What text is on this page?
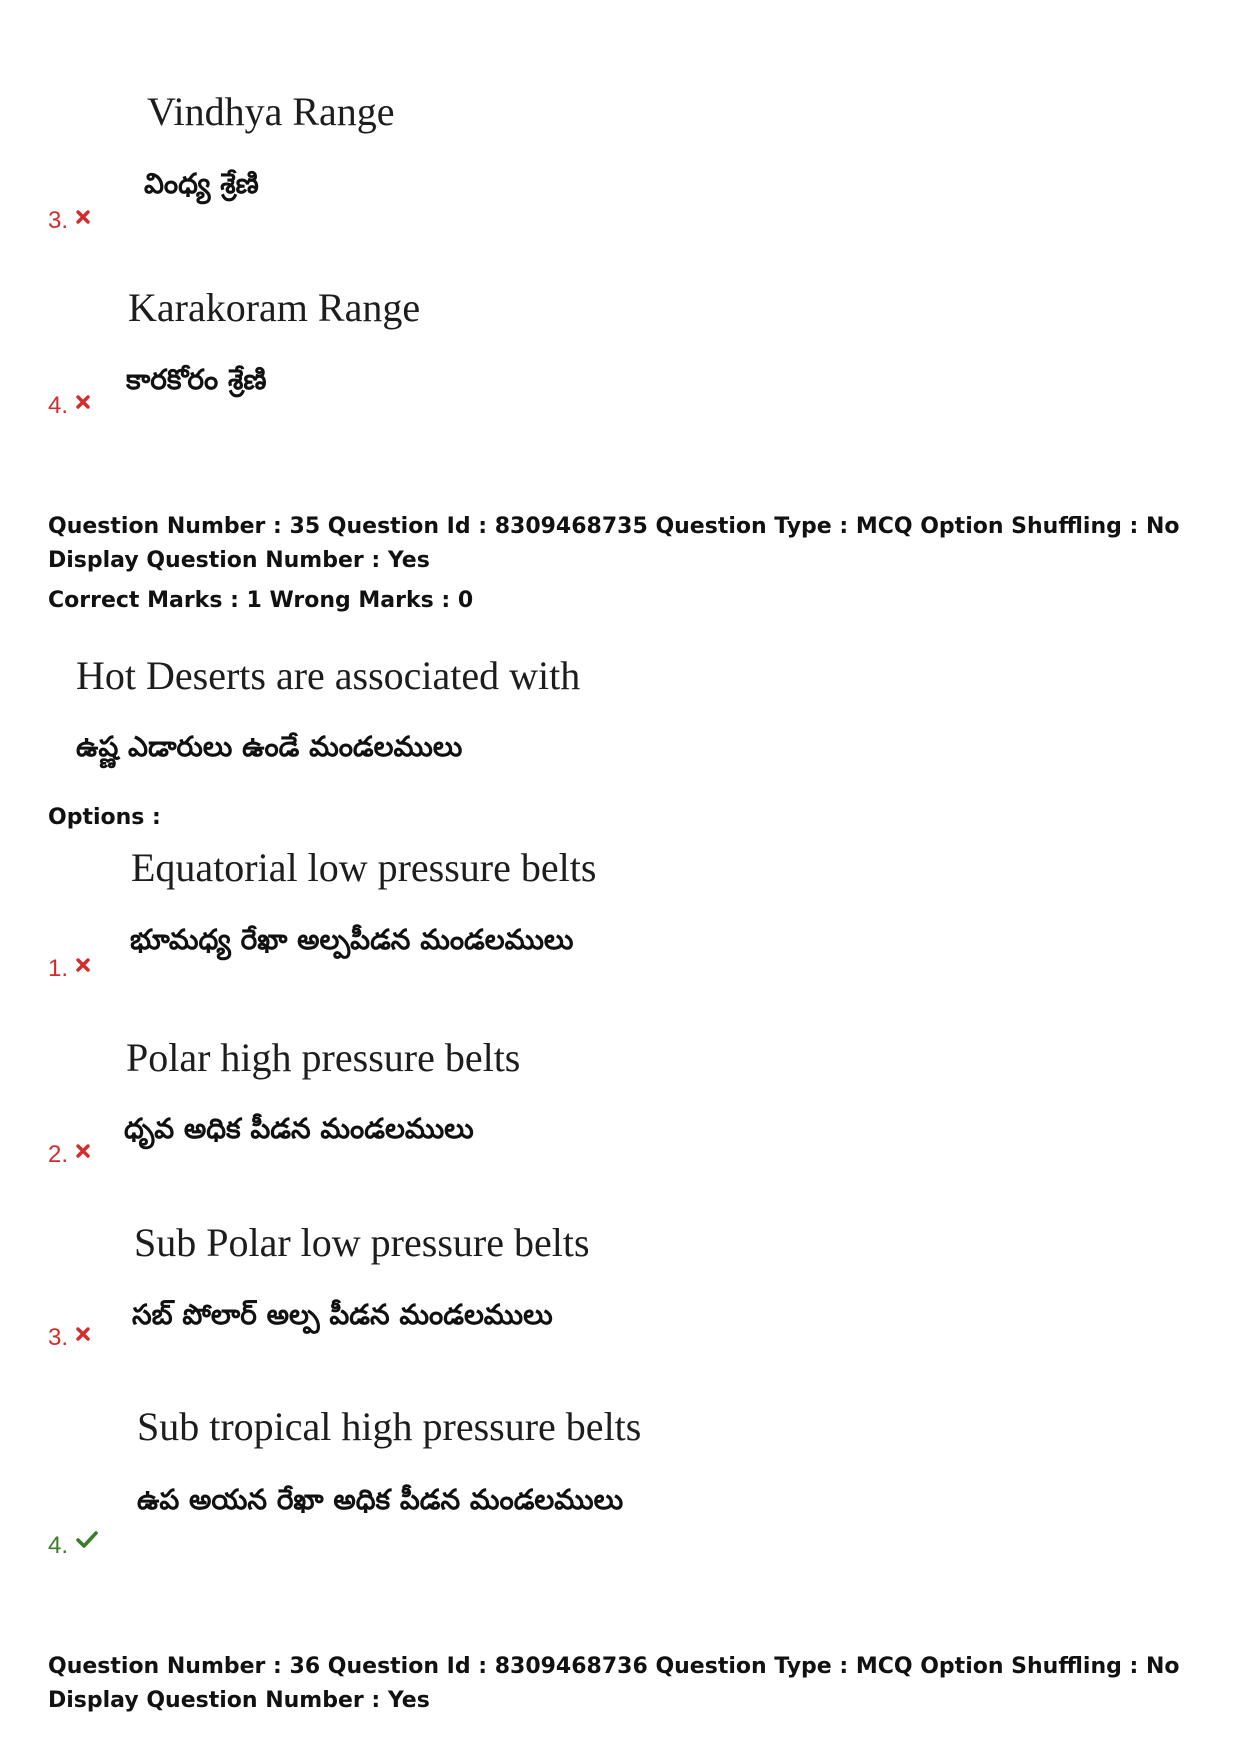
Vindhya Range
వింధ్య శ్రేణి
3.
Karakoram Range
కారకోరం శ్రేణి
4.
Question Number : 35 Question Id : 8309468735 Question Type : MCQ Option Shuffling : No
Display Question Number : Yes
Correct Marks : 1 Wrong Marks : 0
Hot Deserts are associated with
ఉష్ణ ఎడారులు ఉండే మండలములు
Options :
Equatorial low pressure belts
భూమధ్య రేఖా అల్పపీడన మండలములు
1.
Polar high pressure belts
ధృవ అధిక పీడన మండలములు
2.
Sub Polar low pressure belts
సబ్ పోలార్ అల్ప పీడన మండలములు
3.
Sub tropical high pressure belts
ఉప అయన రేఖా అధిక పీడన మండలములు
4.
Question Number : 36 Question Id : 8309468736 Question Type : MCQ Option Shuffling : No
Display Question Number : Yes
